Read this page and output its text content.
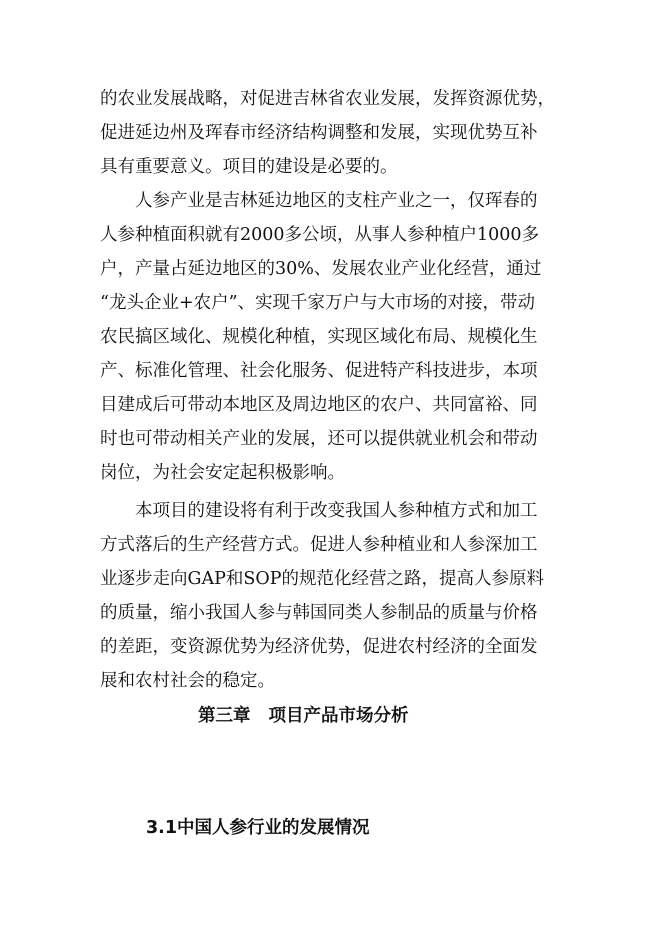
的农业发展战略，对促进吉林省农业发展，发挥资源优势，
促进延边州及珲春市经济结构调整和发展，实现优势互补
具有重要意义。项目的建设是必要的。
　　人参产业是吉林延边地区的支柱产业之一，仅珲春的
人参种植面积就有2000多公顷，从事人参种植户1000多
户，产量占延边地区的30%、发展农业产业化经营，通过
“龙头企业+农户”、实现千家万户与大市场的对接，带动
农民搞区域化、规模化种植，实现区域化布局、规模化生
产、标准化管理、社会化服务、促进特产科技进步，本项
目建成后可带动本地区及周边地区的农户、共同富裕、同
时也可带动相关产业的发展，还可以提供就业机会和带动
岗位，为社会安定起积极影响。
　　本项目的建设将有利于改变我国人参种植方式和加工
方式落后的生产经营方式。促进人参种植业和人参深加工
业逐步走向GAP和SOP的规范化经营之路，提高人参原料
的质量，缩小我国人参与韩国同类人参制品的质量与价格
的差距，变资源优势为经济优势，促进农村经济的全面发
展和农村社会的稳定。
第三章 项目产品市场分析
3.1中国人参行业的发展情况
